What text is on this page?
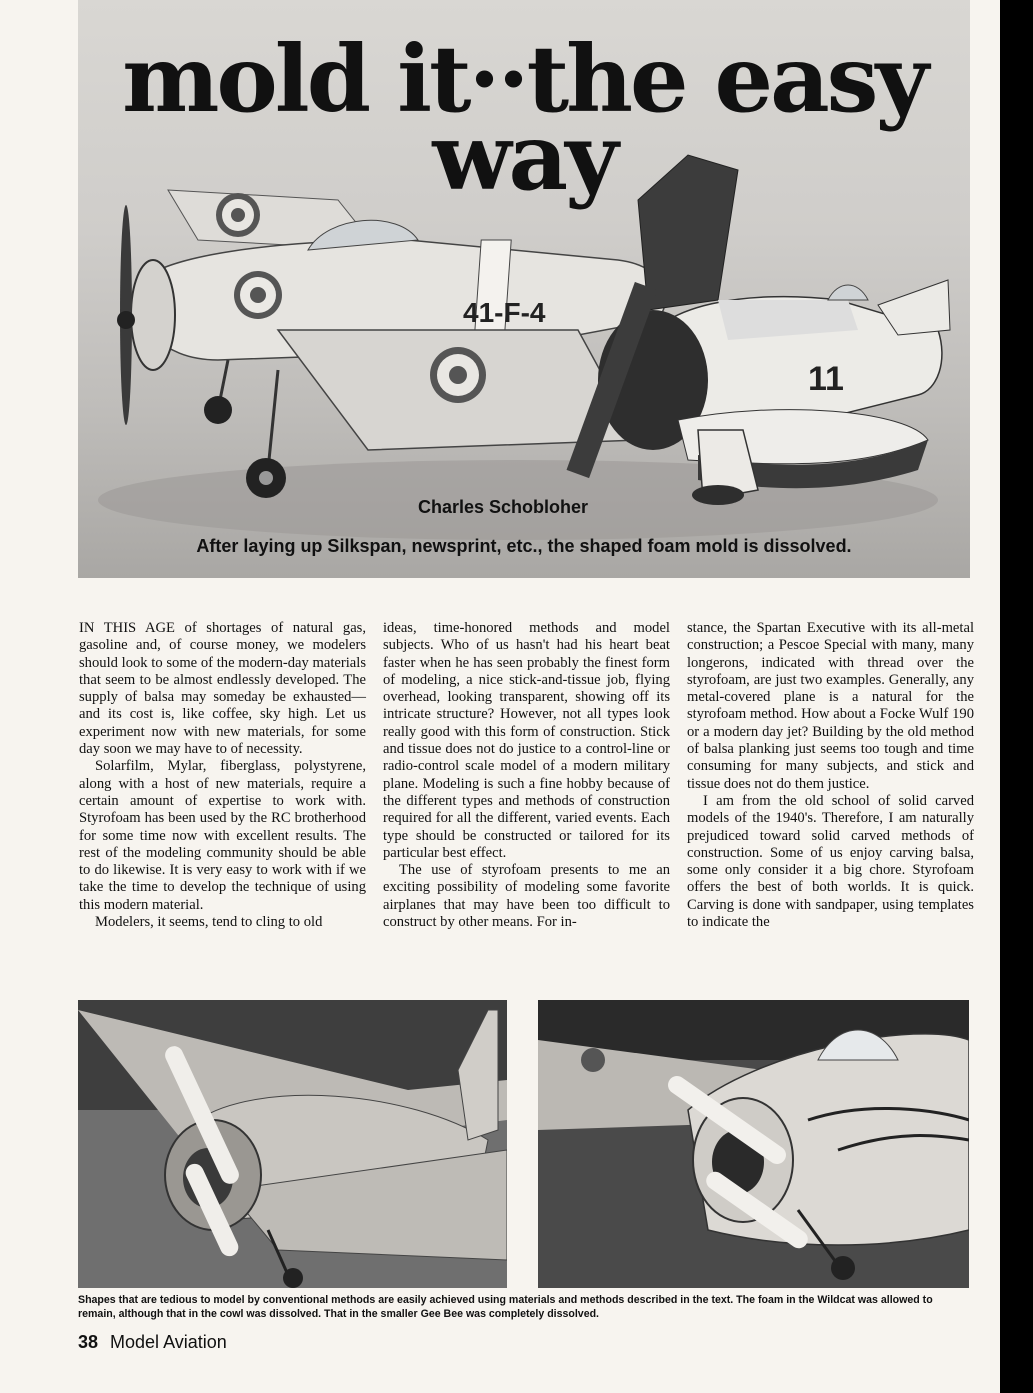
41-F-4
11
mold it··the easy way
Charles Schobloher
After laying up Silkspan, newsprint, etc., the shaped foam mold is dissolved.

IN THIS AGE of shortages of natural gas, gasoline and, of course money, we modelers should look to some of the modern-day materials that seem to be almost endlessly developed. The supply of balsa may someday be exhausted—and its cost is, like coffee, sky high. Let us experiment now with new materials, for some day soon we may have to of necessity.

Solarfilm, Mylar, fiberglass, polystyrene, along with a host of new materials, require a certain amount of expertise to work with. Styrofoam has been used by the RC brotherhood for some time now with excellent results. The rest of the modeling community should be able to do likewise. It is very easy to work with if we take the time to develop the technique of using this modern material.

Modelers, it seems, tend to cling to old

ideas, time-honored methods and model subjects. Who of us hasn't had his heart beat faster when he has seen probably the finest form of modeling, a nice stick-and-tissue job, flying overhead, looking transparent, showing off its intricate structure? However, not all types look really good with this form of construction. Stick and tissue does not do justice to a control-line or radio-control scale model of a modern military plane. Modeling is such a fine hobby because of the different types and methods of construction required for all the different, varied events. Each type should be constructed or tailored for its particular best effect.

The use of styrofoam presents to me an exciting possibility of modeling some favorite airplanes that may have been too difficult to construct by other means. For in-

stance, the Spartan Executive with its all-metal construction; a Pescoe Special with many, many longerons, indicated with thread over the styrofoam, are just two examples. Generally, any metal-covered plane is a natural for the styrofoam method. How about a Focke Wulf 190 or a modern day jet? Building by the old method of balsa planking just seems too tough and time consuming for many subjects, and stick and tissue does not do them justice.

I am from the old school of solid carved models of the 1940's. Therefore, I am naturally prejudiced toward solid carved methods of construction. Some of us enjoy carving balsa, some only consider it a big chore. Styrofoam offers the best of both worlds. It is quick. Carving is done with sandpaper, using templates to indicate the

Shapes that are tedious to model by conventional methods are easily achieved using materials and methods described in the text. The foam in the Wildcat was allowed to remain, although that in the cowl was dissolved. That in the smaller Gee Bee was completely dissolved.
38 Model Aviation
